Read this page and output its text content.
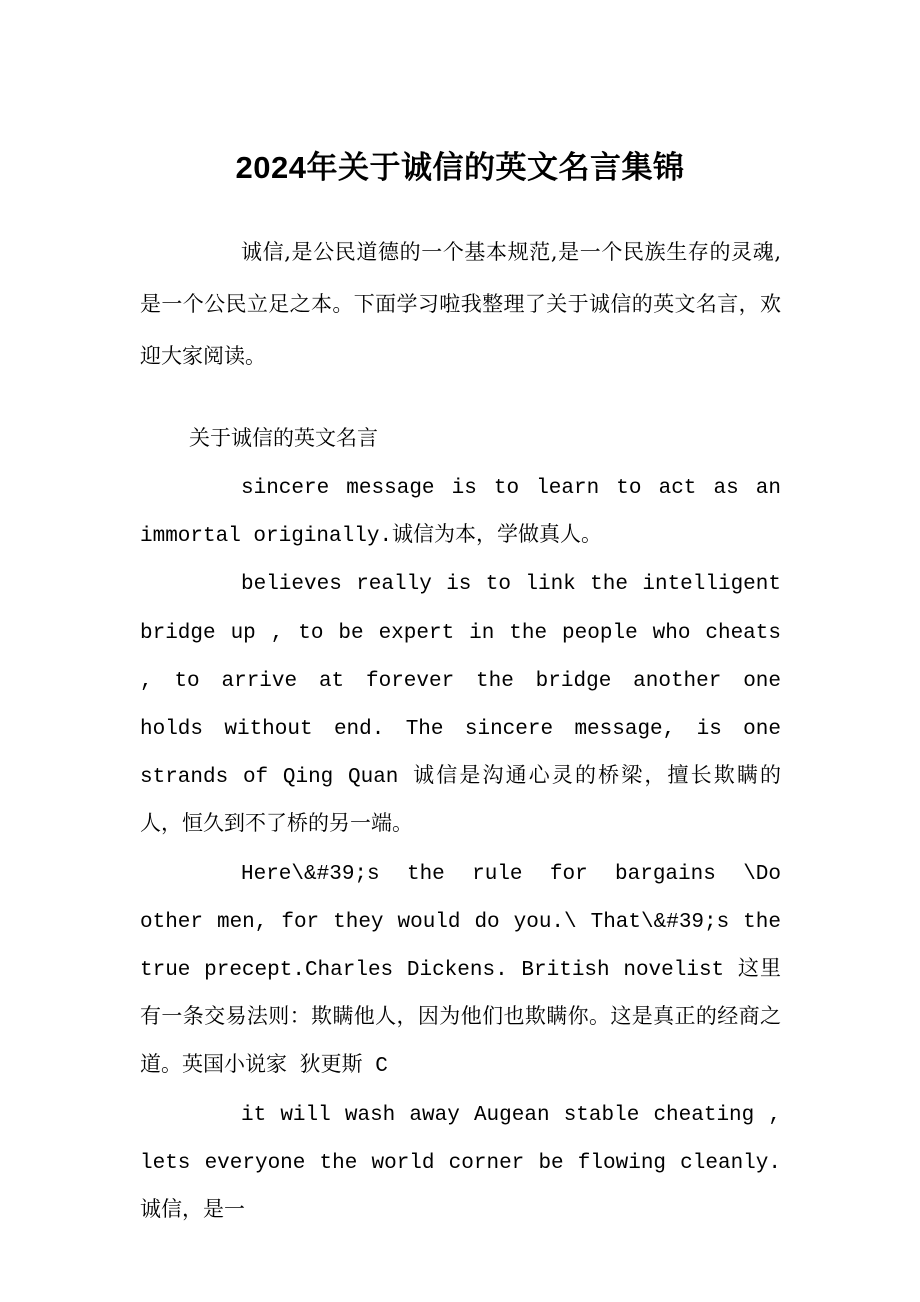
2024年关于诚信的英文名言集锦

诚信,是公民道德的一个基本规范,是一个民族生存的灵魂,是一个公民立足之本。下面学习啦我整理了关于诚信的英文名言，欢迎大家阅读。

关于诚信的英文名言

sincere message is to learn to act as an immortal originally.诚信为本，学做真人。

believes really is to link the intelligent bridge up , to be expert in the people who cheats , to arrive at forever the bridge another one holds without end. The sincere message, is one strands of Qing Quan 诚信是沟通心灵的桥梁，擅长欺瞒的人，恒久到不了桥的另一端。

Here\&#39;s the rule for bargains \Do other men, for they would do you.\ That\&#39;s the true precept.Charles Dickens. British novelist 这里有一条交易法则：欺瞒他人，因为他们也欺瞒你。这是真正的经商之道。英国小说家 狄更斯 C

it will wash away Augean stable cheating , lets everyone the world corner be flowing cleanly.诚信，是一
